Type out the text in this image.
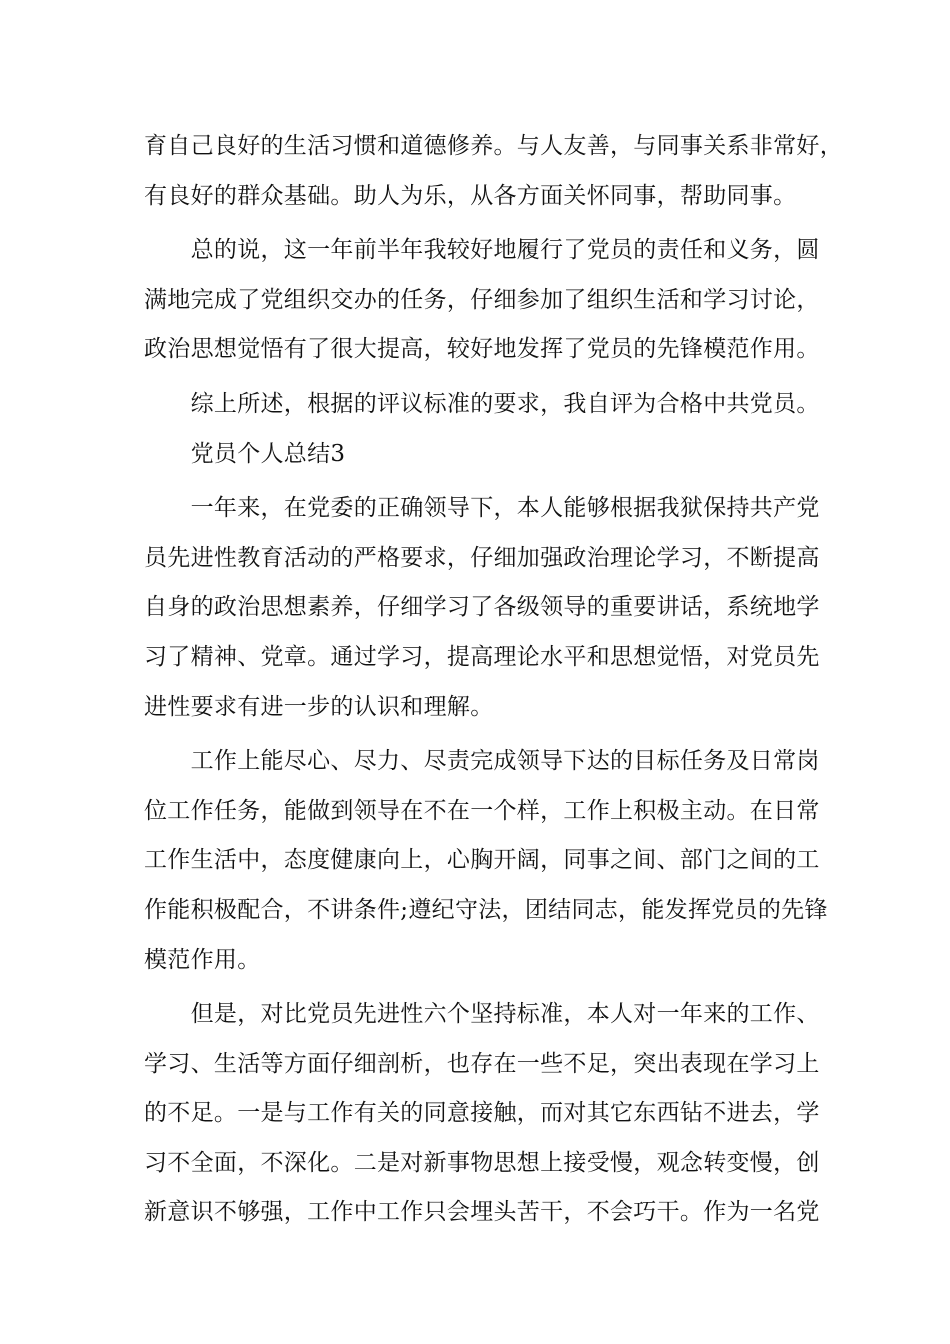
育自己良好的生活习惯和道德修养。与人友善，与同事关系非常好，
有良好的群众基础。助人为乐，从各方面关怀同事，帮助同事。
　　总的说，这一年前半年我较好地履行了党员的责任和义务，圆
满地完成了党组织交办的任务，仔细参加了组织生活和学习讨论，
政治思想觉悟有了很大提高，较好地发挥了党员的先锋模范作用。
　　综上所述，根据的评议标准的要求，我自评为合格中共党员。
　　党员个人总结3
　　一年来，在党委的正确领导下，本人能够根据我狱保持共产党
员先进性教育活动的严格要求，仔细加强政治理论学习，不断提高
自身的政治思想素养，仔细学习了各级领导的重要讲话，系统地学
习了精神、党章。通过学习，提高理论水平和思想觉悟，对党员先
进性要求有进一步的认识和理解。
　　工作上能尽心、尽力、尽责完成领导下达的目标任务及日常岗
位工作任务，能做到领导在不在一个样，工作上积极主动。在日常
工作生活中，态度健康向上，心胸开阔，同事之间、部门之间的工
作能积极配合，不讲条件;遵纪守法，团结同志，能发挥党员的先锋
模范作用。
　　但是，对比党员先进性六个坚持标准，本人对一年来的工作、
学习、生活等方面仔细剖析，也存在一些不足，突出表现在学习上
的不足。一是与工作有关的同意接触，而对其它东西钻不进去，学
习不全面，不深化。二是对新事物思想上接受慢，观念转变慢，创
新意识不够强，工作中工作只会埋头苦干，不会巧干。作为一名党
